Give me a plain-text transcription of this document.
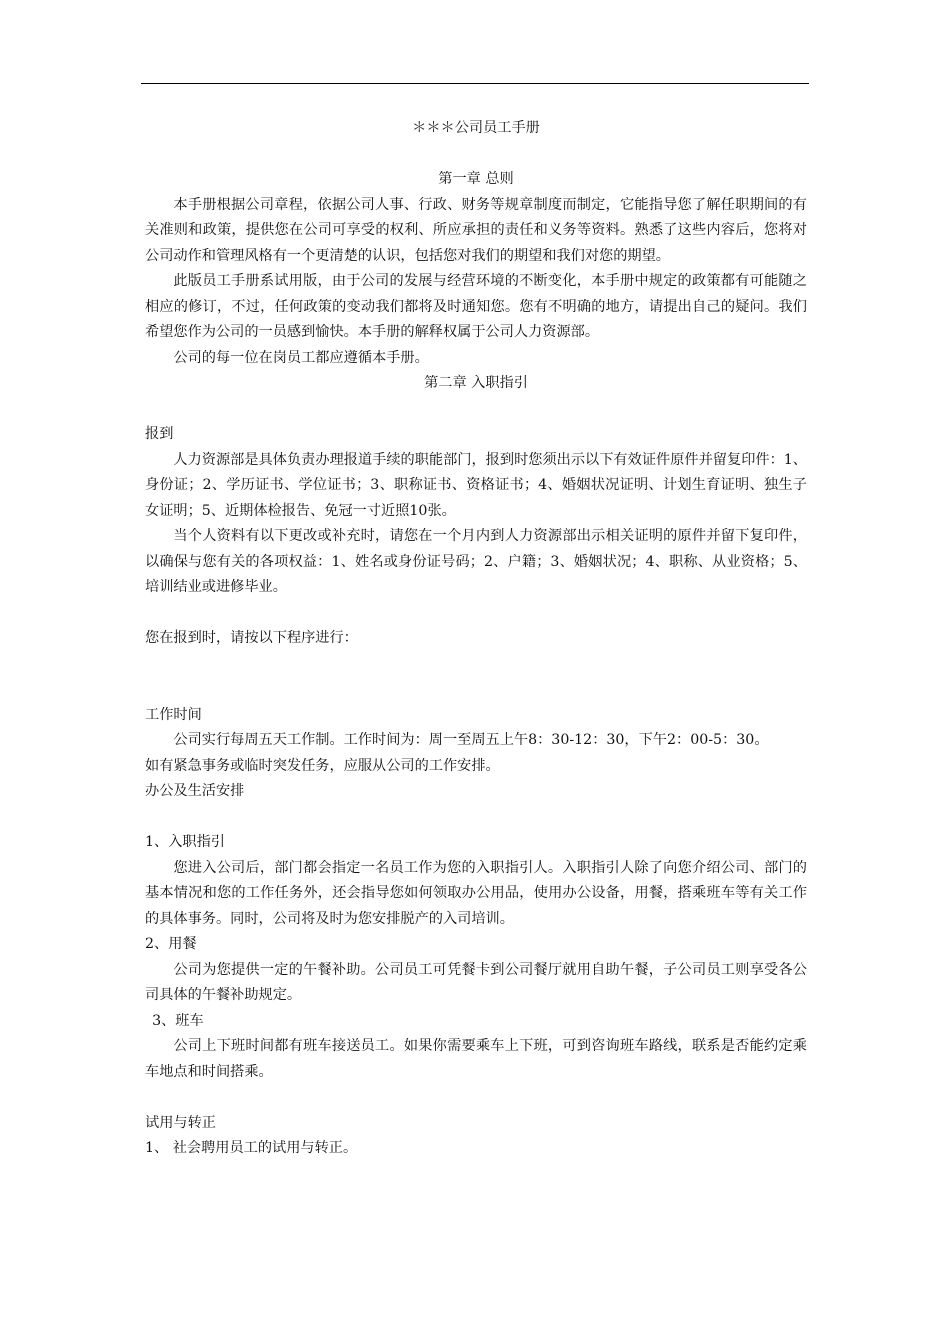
＊＊＊公司员工手册

第一章 总则

本手册根据公司章程，依据公司人事、行政、财务等规章制度而制定，它能指导您了解任职期间的有关准则和政策，提供您在公司可享受的权利、所应承担的责任和义务等资料。熟悉了这些内容后，您将对公司动作和管理风格有一个更清楚的认识，包括您对我们的期望和我们对您的期望。

此版员工手册系试用版，由于公司的发展与经营环境的不断变化，本手册中规定的政策都有可能随之相应的修订，不过，任何政策的变动我们都将及时通知您。您有不明确的地方，请提出自己的疑问。我们希望您作为公司的一员感到愉快。本手册的解释权属于公司人力资源部。

公司的每一位在岗员工都应遵循本手册。

第二章 入职指引

报到

人力资源部是具体负责办理报道手续的职能部门，报到时您须出示以下有效证件原件并留复印件：1、身份证；2、学历证书、学位证书；3、职称证书、资格证书；4、婚姻状况证明、计划生育证明、独生子女证明；5、近期体检报告、免冠一寸近照10张。

当个人资料有以下更改或补充时，请您在一个月内到人力资源部出示相关证明的原件并留下复印件，以确保与您有关的各项权益：1、姓名或身份证号码；2、户籍；3、婚姻状况；4、职称、从业资格；5、培训结业或进修毕业。

您在报到时，请按以下程序进行：

工作时间

公司实行每周五天工作制。工作时间为：周一至周五上午8：30-12：30，下午2：00-5：30。

如有紧急事务或临时突发任务，应服从公司的工作安排。

办公及生活安排

1、入职指引

您进入公司后，部门都会指定一名员工作为您的入职指引人。入职指引人除了向您介绍公司、部门的基本情况和您的工作任务外，还会指导您如何领取办公用品，使用办公设备，用餐，搭乘班车等有关工作的具体事务。同时，公司将及时为您安排脱产的入司培训。

2、用餐

公司为您提供一定的午餐补助。公司员工可凭餐卡到公司餐厅就用自助午餐，子公司员工则享受各公司具体的午餐补助规定。

3、班车

公司上下班时间都有班车接送员工。如果你需要乘车上下班，可到咨询班车路线，联系是否能约定乘车地点和时间搭乘。

试用与转正

1、 社会聘用员工的试用与转正。
